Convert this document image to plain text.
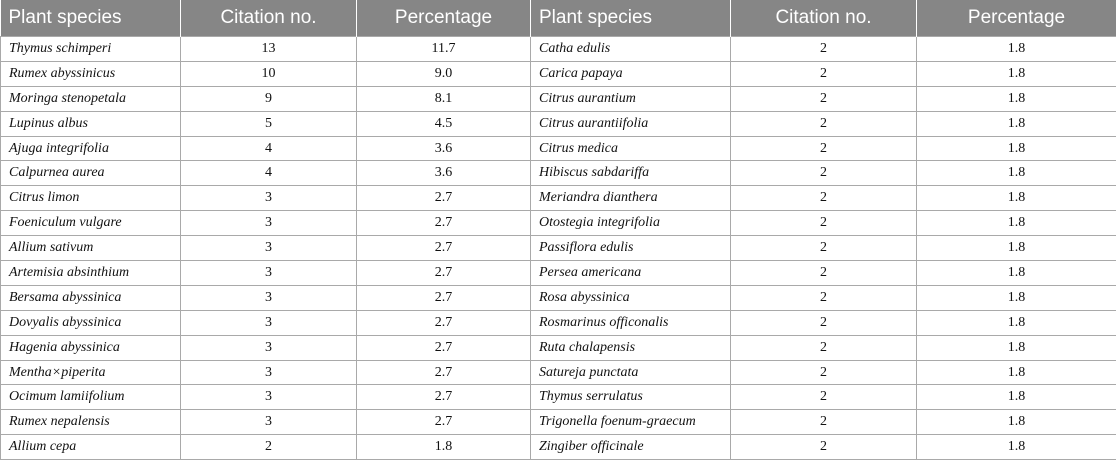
Plant species	Citation no.	Percentage	Plant species	Citation no.	Percentage
Thymus schimperi	13	11.7	Catha edulis	2	1.8
Rumex abyssinicus	10	9.0	Carica papaya	2	1.8
Moringa stenopetala	9	8.1	Citrus aurantium	2	1.8
Lupinus albus	5	4.5	Citrus aurantiifolia	2	1.8
Ajuga integrifolia	4	3.6	Citrus medica	2	1.8
Calpurnea aurea	4	3.6	Hibiscus sabdariffa	2	1.8
Citrus limon	3	2.7	Meriandra dianthera	2	1.8
Foeniculum vulgare	3	2.7	Otostegia integrifolia	2	1.8
Allium sativum	3	2.7	Passiflora edulis	2	1.8
Artemisia absinthium	3	2.7	Persea americana	2	1.8
Bersama abyssinica	3	2.7	Rosa abyssinica	2	1.8
Dovyalis abyssinica	3	2.7	Rosmarinus officonalis	2	1.8
Hagenia abyssinica	3	2.7	Ruta chalapensis	2	1.8
Mentha×piperita	3	2.7	Satureja punctata	2	1.8
Ocimum lamiifolium	3	2.7	Thymus serrulatus	2	1.8
Rumex nepalensis	3	2.7	Trigonella foenum-graecum	2	1.8
Allium cepa	2	1.8	Zingiber officinale	2	1.8
